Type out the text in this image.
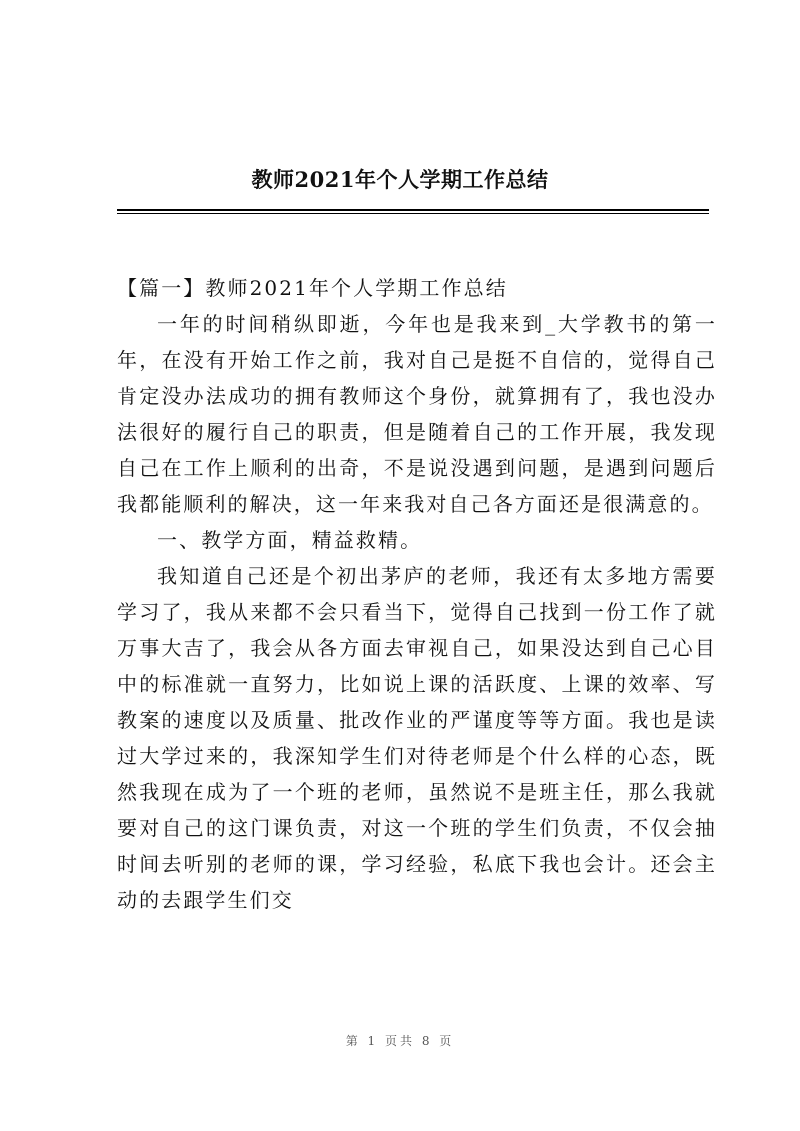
教师2021年个人学期工作总结

【篇一】教师2021年个人学期工作总结

一年的时间稍纵即逝，今年也是我来到_大学教书的第一年，在没有开始工作之前，我对自己是挺不自信的，觉得自己肯定没办法成功的拥有教师这个身份，就算拥有了，我也没办法很好的履行自己的职责，但是随着自己的工作开展，我发现自己在工作上顺利的出奇，不是说没遇到问题，是遇到问题后我都能顺利的解决，这一年来我对自己各方面还是很满意的。

一、教学方面，精益救精。

我知道自己还是个初出茅庐的老师，我还有太多地方需要学习了，我从来都不会只看当下，觉得自己找到一份工作了就万事大吉了，我会从各方面去审视自己，如果没达到自己心目中的标准就一直努力，比如说上课的活跃度、上课的效率、写教案的速度以及质量、批改作业的严谨度等等方面。我也是读过大学过来的，我深知学生们对待老师是个什么样的心态，既然我现在成为了一个班的老师，虽然说不是班主任，那么我就要对自己的这门课负责，对这一个班的学生们负责，不仅会抽时间去听别的老师的课，学习经验，私底下我也会计。还会主动的去跟学生们交

第 1 页共 8 页
